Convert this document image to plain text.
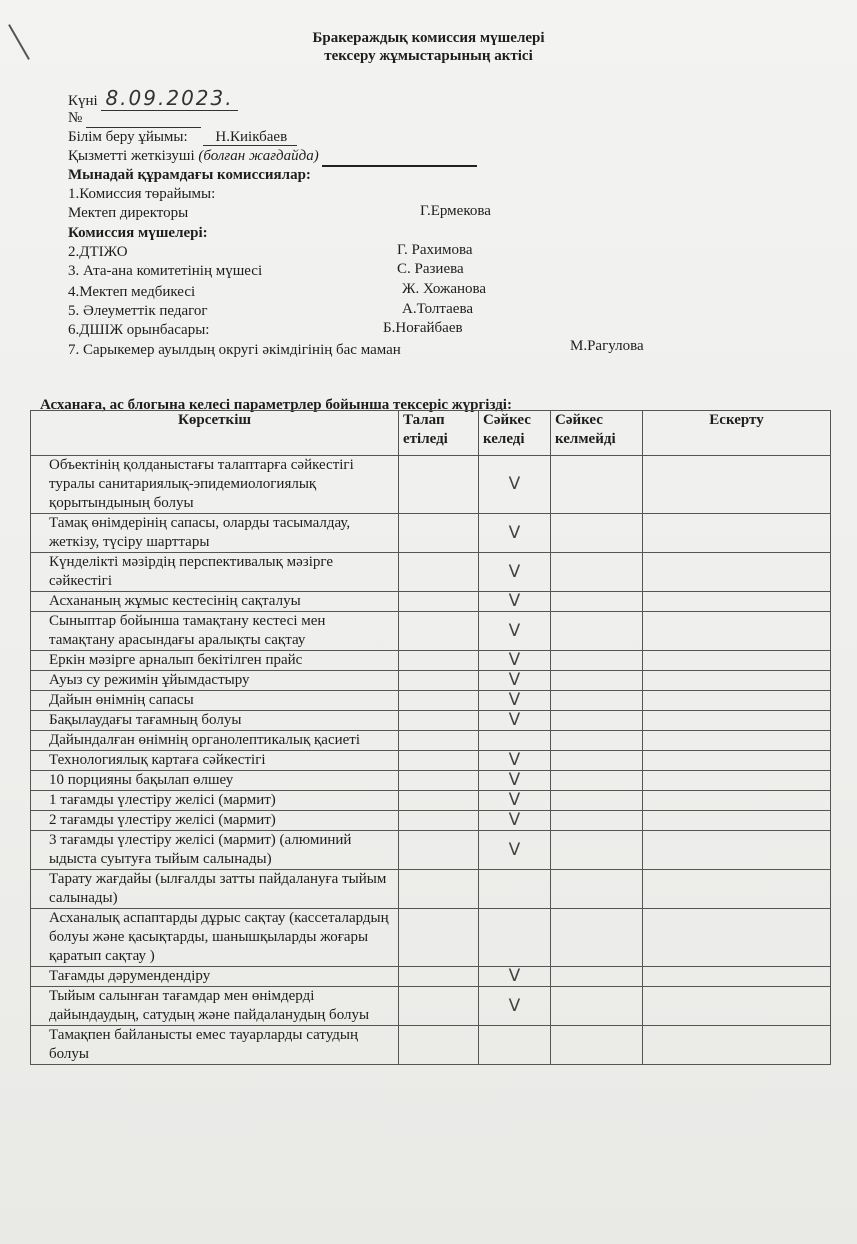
Бракераждық комиссия мүшелері
тексеру жұмыстарының актісі
Күні 8.09.2023.
№
Білім беру ұйымы: Н.Киікбаев
Қызметті жеткізуші (болған жағдайда)
Мынадай құрамдағы комиссиялар:
1.Комиссия төрайымы:
Мектеп директоры	Г.Ермекова
Комиссия мүшелері:
2.ДТІЖО	Г. Рахимова
3. Ата-ана комитетінің мүшесі	С. Разиева
4.Мектеп медбикесі	Ж. Хожанова
5. Әлеуметтік педагог	А.Толтаева
6.ДШІЖ орынбасары:	Б.Ноғайбаев
7. Сарыкемер ауылдың округі әкімдігінің бас маман	М.Рагулова
Асханаға, ас блогына келесі параметрлер бойынша тексеріс жүргізді:
Көрсеткіш	Талап етіледі	Сәйкес келеді	Сәйкес келмейді	Ескерту
Объектінің қолданыстағы талаптарға сәйкестігі туралы санитариялық-эпидемиологиялық қорытындының болуы		V		
Тамақ өнімдерінің сапасы, оларды тасымалдау, жеткізу, түсіру шарттары		V		
Күнделікті мәзірдің перспективалық мәзірге сәйкестігі		V		
Асхананың жұмыс кестесінің сақталуы		V		
Сыныптар бойынша тамақтану кестесі мен тамақтану арасындағы аралықты сақтау		V		
Еркін мәзірге арналып бекітілген прайс		V		
Ауыз су режимін ұйымдастыру		V		
Дайын өнімнің сапасы		V		
Бақылаудағы тағамның болуы		V		
Дайындалған өнімнің органолептикалық қасиеті				
Технологиялық картаға сәйкестігі		V		
10 порцияны бақылап өлшеу		V		
1 тағамды үлестіру желісі (мармит)		V		
2 тағамды үлестіру желісі (мармит)		V		
3 тағамды үлестіру желісі (мармит) (алюминий ыдыста суытуға тыйым салынады)		V		
Тарату жағдайы (ылғалды затты пайдалануға тыйым салынады)				
Асханалық аспаптарды дұрыс сақтау (кассеталардың болуы және қасықтарды, шанышқыларды жоғары қаратып сақтау )				
Тағамды дәрумендендіру		V		
Тыйым салынған тағамдар мен өнімдерді дайындаудың, сатудың және пайдаланудың болуы		V		
Тамақпен байланысты емес тауарларды сатудың болуы				
